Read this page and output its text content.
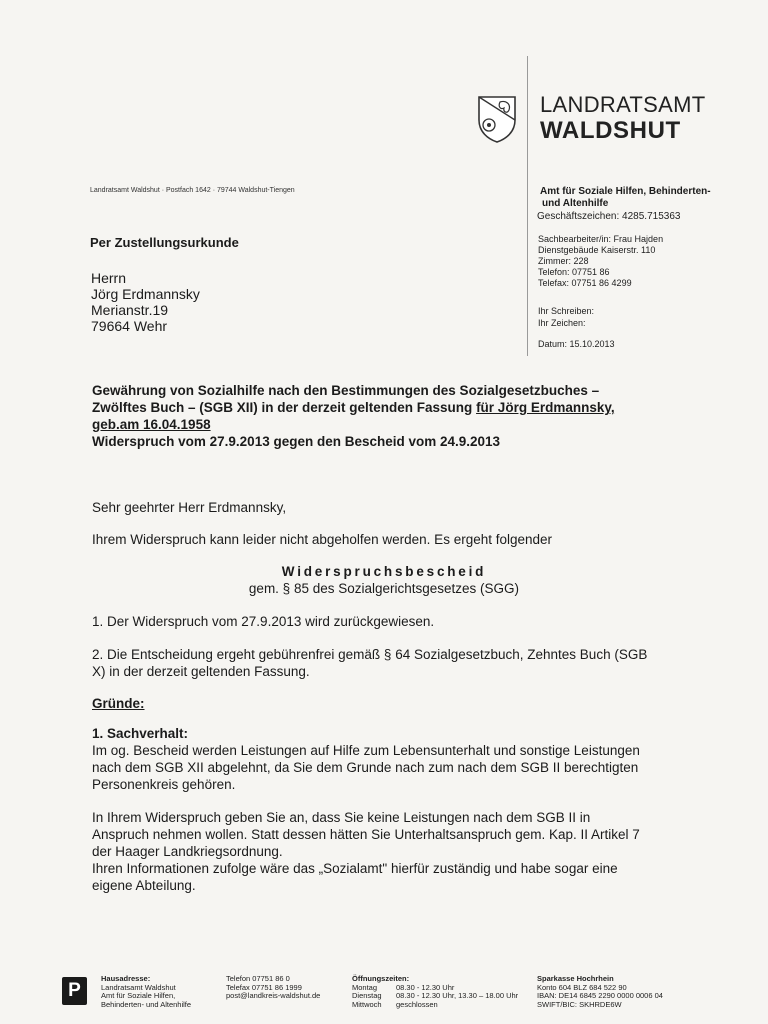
LANDRATSAMT
WALDSHUT
Landratsamt Waldshut · Postfach 1642 · 79744 Waldshut-Tiengen	Amt für Soziale Hilfen, Behinderten-
und Altenhilfe
Geschäftszeichen: 4285.715363
Sachbearbeiter/in: Frau Hajden
Dienstgebäude Kaiserstr. 110
Zimmer: 228
Telefon: 07751 86
Telefax: 07751 86 4299
Ihr Schreiben:
Ihr Zeichen:
Datum: 15.10.2013
Per Zustellungsurkunde
Herrn
Jörg Erdmannsky
Merianstr.19
79664 Wehr
Gewährung von Sozialhilfe nach den Bestimmungen des Sozialgesetzbuches –
Zwölftes Buch – (SGB XII) in der derzeit geltenden Fassung für Jörg Erdmannsky,
geb.am 16.04.1958
Widerspruch vom 27.9.2013 gegen den Bescheid vom 24.9.2013
Sehr geehrter Herr Erdmannsky,
Ihrem Widerspruch kann leider nicht abgeholfen werden. Es ergeht folgender
Widerspruchsbescheid
gem. § 85 des Sozialgerichtsgesetzes (SGG)
1. Der Widerspruch vom 27.9.2013 wird zurückgewiesen.
2. Die Entscheidung ergeht gebührenfrei gemäß § 64 Sozialgesetzbuch, Zehntes Buch (SGB
X) in der derzeit geltenden Fassung.
Gründe:
1. Sachverhalt:
Im og. Bescheid werden Leistungen auf Hilfe zum Lebensunterhalt und sonstige Leistungen
nach dem SGB XII abgelehnt, da Sie dem Grunde nach zum nach dem SGB II berechtigten
Personenkreis gehören.
In Ihrem Widerspruch geben Sie an, dass Sie keine Leistungen nach dem SGB II in
Anspruch nehmen wollen. Statt dessen hätten Sie Unterhaltsanspruch gem. Kap. II Artikel 7
der Haager Landkriegsordnung.
Ihren Informationen zufolge wäre das „Sozialamt" hierfür zuständig und habe sogar eine
eigene Abteilung.
P
Hausadresse:
Landratsamt Waldshut
Amt für Soziale Hilfen,
Behinderten- und Altenhilfe
Telefon 07751 86 0
Telefax 07751 86 1999
post@landkreis-waldshut.de
Öffnungszeiten:
Montag	08.30 - 12.30 Uhr
Dienstag	08.30 - 12.30 Uhr, 13.30 – 18.00 Uhr
Mittwoch	geschlossen
Sparkasse Hochrhein
Konto 604 BLZ 684 522 90
IBAN: DE14 6845 2290 0000 0006 04
SWIFT/BIC: SKHRDE6W
